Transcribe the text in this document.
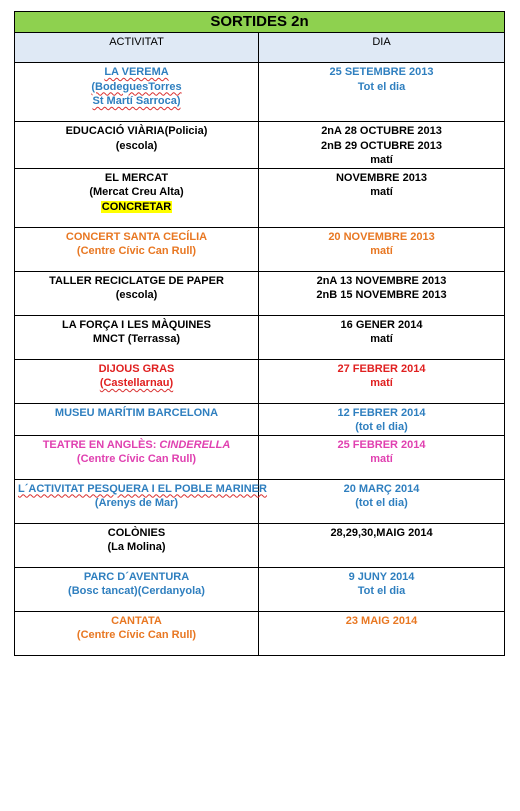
SORTIDES 2n	
ACTIVITAT	DIA

LA VEREMA
(BodeguesTorres
St Martí Sarroca)	25 SETEMBRE 2013
Tot el dia

EDUCACIÓ VIÀRIA(Policia)
(escola)	2nA 28 OCTUBRE 2013
2nB 29 OCTUBRE 2013
matí

EL MERCAT
(Mercat Creu Alta)
CONCRETAR	NOVEMBRE 2013
matí

CONCERT SANTA CECÍLIA
(Centre Cívic Can Rull)	20 NOVEMBRE 2013
matí

TALLER RECICLATGE DE PAPER
(escola)	2nA 13 NOVEMBRE 2013
2nB 15 NOVEMBRE 2013

LA FORÇA I LES MÀQUINES
MNCT (Terrassa)	16 GENER 2014
matí

DIJOUS GRAS
(Castellarnau)	27 FEBRER 2014
matí

MUSEU MARÍTIM BARCELONA	12 FEBRER 2014
(tot el dia)

TEATRE EN ANGLÈS: CINDERELLA
(Centre Cívic Can Rull)	25 FEBRER 2014
matí

L´ACTIVITAT PESQUERA I EL POBLE MARINER
(Arenys de Mar)	20 MARÇ 2014
(tot el dia)

COLÒNIES
(La Molina)	28,29,30,MAIG 2014

PARC D´AVENTURA
(Bosc tancat)(Cerdanyola)	9 JUNY 2014
Tot el dia

CANTATA
(Centre Cívic Can Rull)	23 MAIG 2014
